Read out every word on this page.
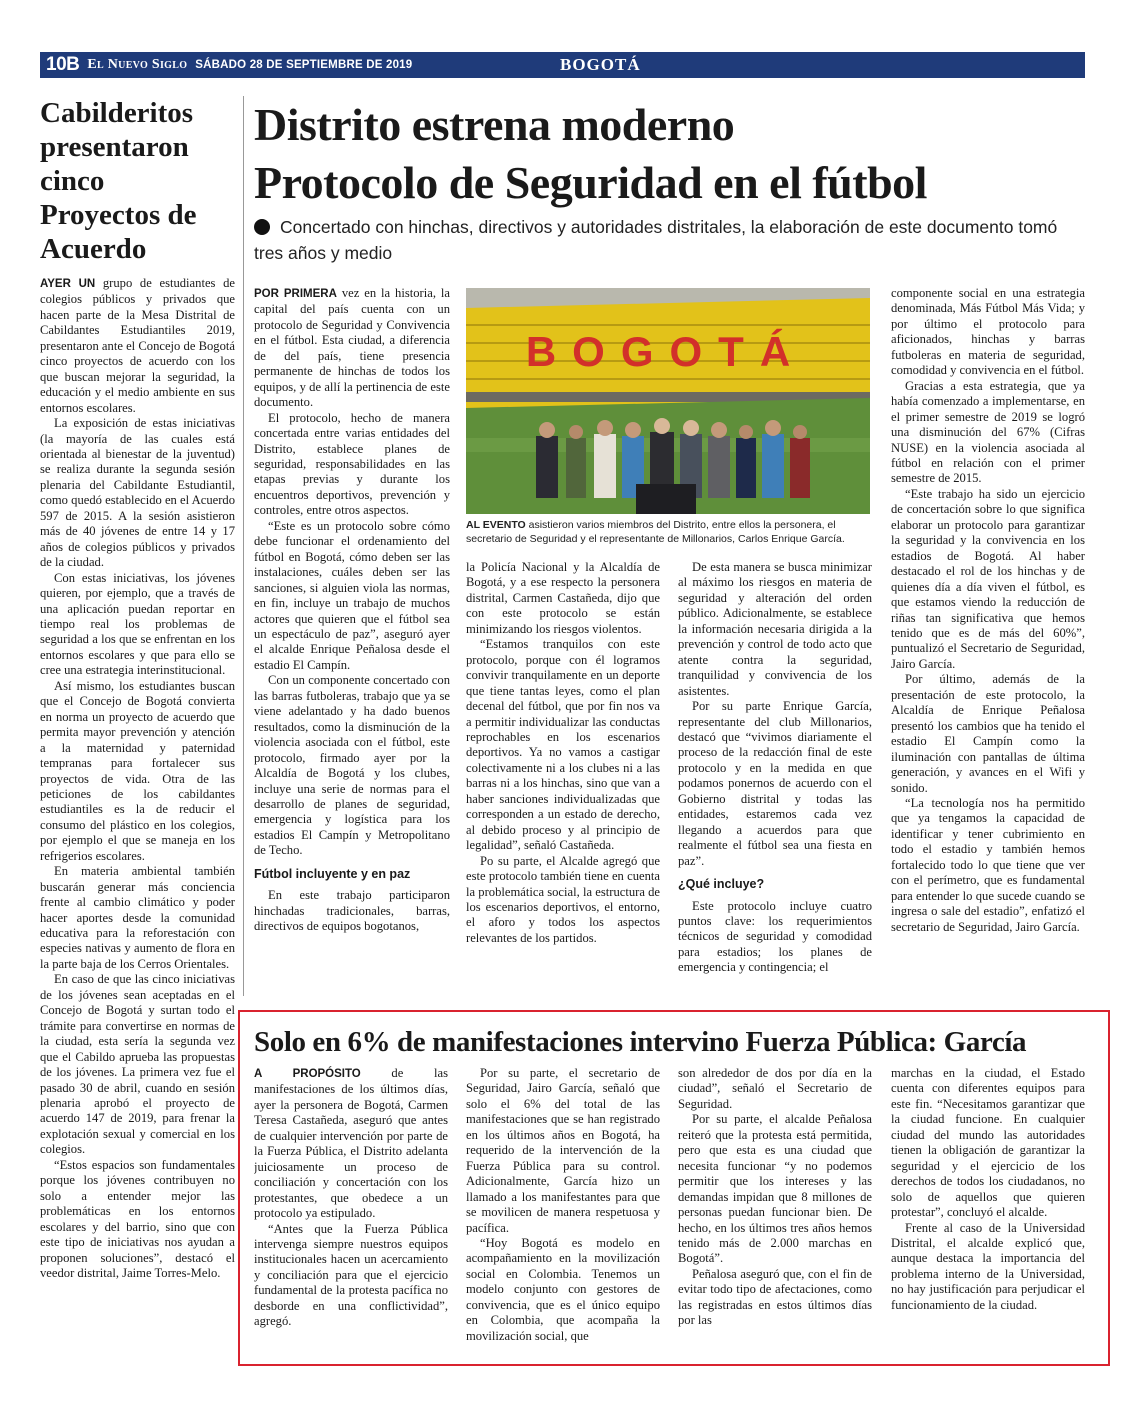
10B El Nuevo Siglo SÁBADO 28 DE SEPTIEMBRE DE 2019	BOGOTÁ
Cabilderitos presentaron cinco Proyectos de Acuerdo

AYER UN grupo de estudiantes de colegios públicos y privados que hacen parte de la Mesa Distrital de Cabildantes Estudiantiles 2019, presentaron ante el Concejo de Bogotá cinco proyectos de acuerdo con los que buscan mejorar la seguridad, la educación y el medio ambiente en sus entornos escolares.

La exposición de estas iniciativas (la mayoría de las cuales está orientada al bienestar de la juventud) se realiza durante la segunda sesión plenaria del Cabildante Estudiantil, como quedó establecido en el Acuerdo 597 de 2015. A la sesión asistieron más de 40 jóvenes de entre 14 y 17 años de colegios públicos y privados de la ciudad.

Con estas iniciativas, los jóvenes quieren, por ejemplo, que a través de una aplicación puedan reportar en tiempo real los problemas de seguridad a los que se enfrentan en los entornos escolares y que para ello se cree una estrategia interinstitucional.

Así mismo, los estudiantes buscan que el Concejo de Bogotá convierta en norma un proyecto de acuerdo que permita mayor prevención y atención a la maternidad y paternidad tempranas para fortalecer sus proyectos de vida. Otra de las peticiones de los cabildantes estudiantiles es la de reducir el consumo del plástico en los colegios, por ejemplo el que se maneja en los refrigerios escolares.

En materia ambiental también buscarán generar más conciencia frente al cambio climático y poder hacer aportes desde la comunidad educativa para la reforestación con especies nativas y aumento de flora en la parte baja de los Cerros Orientales.

En caso de que las cinco iniciativas de los jóvenes sean aceptadas en el Concejo de Bogotá y surtan todo el trámite para convertirse en normas de la ciudad, esta sería la segunda vez que el Cabildo aprueba las propuestas de los jóvenes. La primera vez fue el pasado 30 de abril, cuando en sesión plenaria aprobó el proyecto de acuerdo 147 de 2019, para frenar la explotación sexual y comercial en los colegios.

“Estos espacios son fundamentales porque los jóvenes contribuyen no solo a entender mejor las problemáticas en los entornos escolares y del barrio, sino que con este tipo de iniciativas nos ayudan a proponen soluciones”, destacó el veedor distrital, Jaime Torres-Melo.

Distrito estrena moderno
Protocolo de Seguridad en el fútbol
Concertado con hinchas, directivos y autoridades distritales, la elaboración de este documento tomó tres años y medio

POR PRIMERA vez en la historia, la capital del país cuenta con un protocolo de Seguridad y Convivencia en el fútbol. Esta ciudad, a diferencia de del país, tiene presencia permanente de hinchas de todos los equipos, y de allí la pertinencia de este documento.

El protocolo, hecho de manera concertada entre varias entidades del Distrito, establece planes de seguridad, responsabilidades en las etapas previas y durante los encuentros deportivos, prevención y controles, entre otros aspectos.

“Este es un protocolo sobre cómo debe funcionar el ordenamiento del fútbol en Bogotá, cómo deben ser las instalaciones, cuáles deben ser las sanciones, si alguien viola las normas, en fin, incluye un trabajo de muchos actores que quieren que el fútbol sea un espectáculo de paz”, aseguró ayer el alcalde Enrique Peñalosa desde el estadio El Campín.

Con un componente concertado con las barras futboleras, trabajo que ya se viene adelantado y ha dado buenos resultados, como la disminución de la violencia asociada con el fútbol, este protocolo, firmado ayer por la Alcaldía de Bogotá y los clubes, incluye una serie de normas para el desarrollo de planes de seguridad, emergencia y logística para los estadios El Campín y Metropolitano de Techo.

Fútbol incluyente y en paz

En este trabajo participaron hinchadas tradicionales, barras, directivos de equipos bogotanos,

BOGOTÁ
AL EVENTO asistieron varios miembros del Distrito, entre ellos la personera, el secretario de Seguridad y el representante de Millonarios, Carlos Enrique García.

la Policía Nacional y la Alcaldía de Bogotá, y a ese respecto la personera distrital, Carmen Castañeda, dijo que con este protocolo se están minimizando los riesgos violentos.

“Estamos tranquilos con este protocolo, porque con él logramos convivir tranquilamente en un deporte que tiene tantas leyes, como el plan decenal del fútbol, que por fin nos va a permitir individualizar las conductas reprochables en los escenarios deportivos. Ya no vamos a castigar colectivamente ni a los clubes ni a las barras ni a los hinchas, sino que van a haber sanciones individualizadas que corresponden a un estado de derecho, al debido proceso y al principio de legalidad”, señaló Castañeda.

Po su parte, el Alcalde agregó que este protocolo también tiene en cuenta la problemática social, la estructura de los escenarios deportivos, el entorno, el aforo y todos los aspectos relevantes de los partidos.

De esta manera se busca minimizar al máximo los riesgos en materia de seguridad y alteración del orden público. Adicionalmente, se establece la información necesaria dirigida a la prevención y control de todo acto que atente contra la seguridad, tranquilidad y convivencia de los asistentes.

Por su parte Enrique García, representante del club Millonarios, destacó que “vivimos diariamente el proceso de la redacción final de este protocolo y en la medida en que podamos ponernos de acuerdo con el Gobierno distrital y todas las entidades, estaremos cada vez llegando a acuerdos para que realmente el fútbol sea una fiesta en paz”.

¿Qué incluye?

Este protocolo incluye cuatro puntos clave: los requerimientos técnicos de seguridad y comodidad para estadios; los planes de emergencia y contingencia; el

componente social en una estrategia denominada, Más Fútbol Más Vida; y por último el protocolo para aficionados, hinchas y barras futboleras en materia de seguridad, comodidad y convivencia en el fútbol.

Gracias a esta estrategia, que ya había comenzado a implementarse, en el primer semestre de 2019 se logró una disminución del 67% (Cifras NUSE) en la violencia asociada al fútbol en relación con el primer semestre de 2015.

“Este trabajo ha sido un ejercicio de concertación sobre lo que significa elaborar un protocolo para garantizar la seguridad y la convivencia en los estadios de Bogotá. Al haber destacado el rol de los hinchas y de quienes día a día viven el fútbol, es que estamos viendo la reducción de riñas tan significativa que hemos tenido que es de más del 60%”, puntualizó el Secretario de Seguridad, Jairo García.

Por último, además de la presentación de este protocolo, la Alcaldía de Enrique Peñalosa presentó los cambios que ha tenido el estadio El Campín como la iluminación con pantallas de última generación, y avances en el Wifi y sonido.

“La tecnología nos ha permitido que ya tengamos la capacidad de identificar y tener cubrimiento en todo el estadio y también hemos fortalecido todo lo que tiene que ver con el perímetro, que es fundamental para entender lo que sucede cuando se ingresa o sale del estadio”, enfatizó el secretario de Seguridad, Jairo García.

Solo en 6% de manifestaciones intervino Fuerza Pública: García

A PROPÓSITO de las manifestaciones de los últimos días, ayer la personera de Bogotá, Carmen Teresa Castañeda, aseguró que antes de cualquier intervención por parte de la Fuerza Pública, el Distrito adelanta juiciosamente un proceso de conciliación y concertación con los protestantes, que obedece a un protocolo ya estipulado.

“Antes que la Fuerza Pública intervenga siempre nuestros equipos institucionales hacen un acercamiento y conciliación para que el ejercicio fundamental de la protesta pacífica no desborde en una conflictividad”, agregó.

Por su parte, el secretario de Seguridad, Jairo García, señaló que solo el 6% del total de las manifestaciones que se han registrado en los últimos años en Bogotá, ha requerido de la intervención de la Fuerza Pública para su control. Adicionalmente, García hizo un llamado a los manifestantes para que se movilicen de manera respetuosa y pacífica.

“Hoy Bogotá es modelo en acompañamiento en la movilización social en Colombia. Tenemos un modelo conjunto con gestores de convivencia, que es el único equipo en Colombia, que acompaña la movilización social, que

son alrededor de dos por día en la ciudad”, señaló el Secretario de Seguridad.

Por su parte, el alcalde Peñalosa reiteró que la protesta está permitida, pero que esta es una ciudad que necesita funcionar “y no podemos permitir que los intereses y las demandas impidan que 8 millones de personas puedan funcionar bien. De hecho, en los últimos tres años hemos tenido más de 2.000 marchas en Bogotá”.

Peñalosa aseguró que, con el fin de evitar todo tipo de afectaciones, como las registradas en estos últimos días por las

marchas en la ciudad, el Estado cuenta con diferentes equipos para este fin. “Necesitamos garantizar que la ciudad funcione. En cualquier ciudad del mundo las autoridades tienen la obligación de garantizar la seguridad y el ejercicio de los derechos de todos los ciudadanos, no solo de aquellos que quieren protestar”, concluyó el alcalde.

Frente al caso de la Universidad Distrital, el alcalde explicó que, aunque destaca la importancia del problema interno de la Universidad, no hay justificación para perjudicar el funcionamiento de la ciudad.
